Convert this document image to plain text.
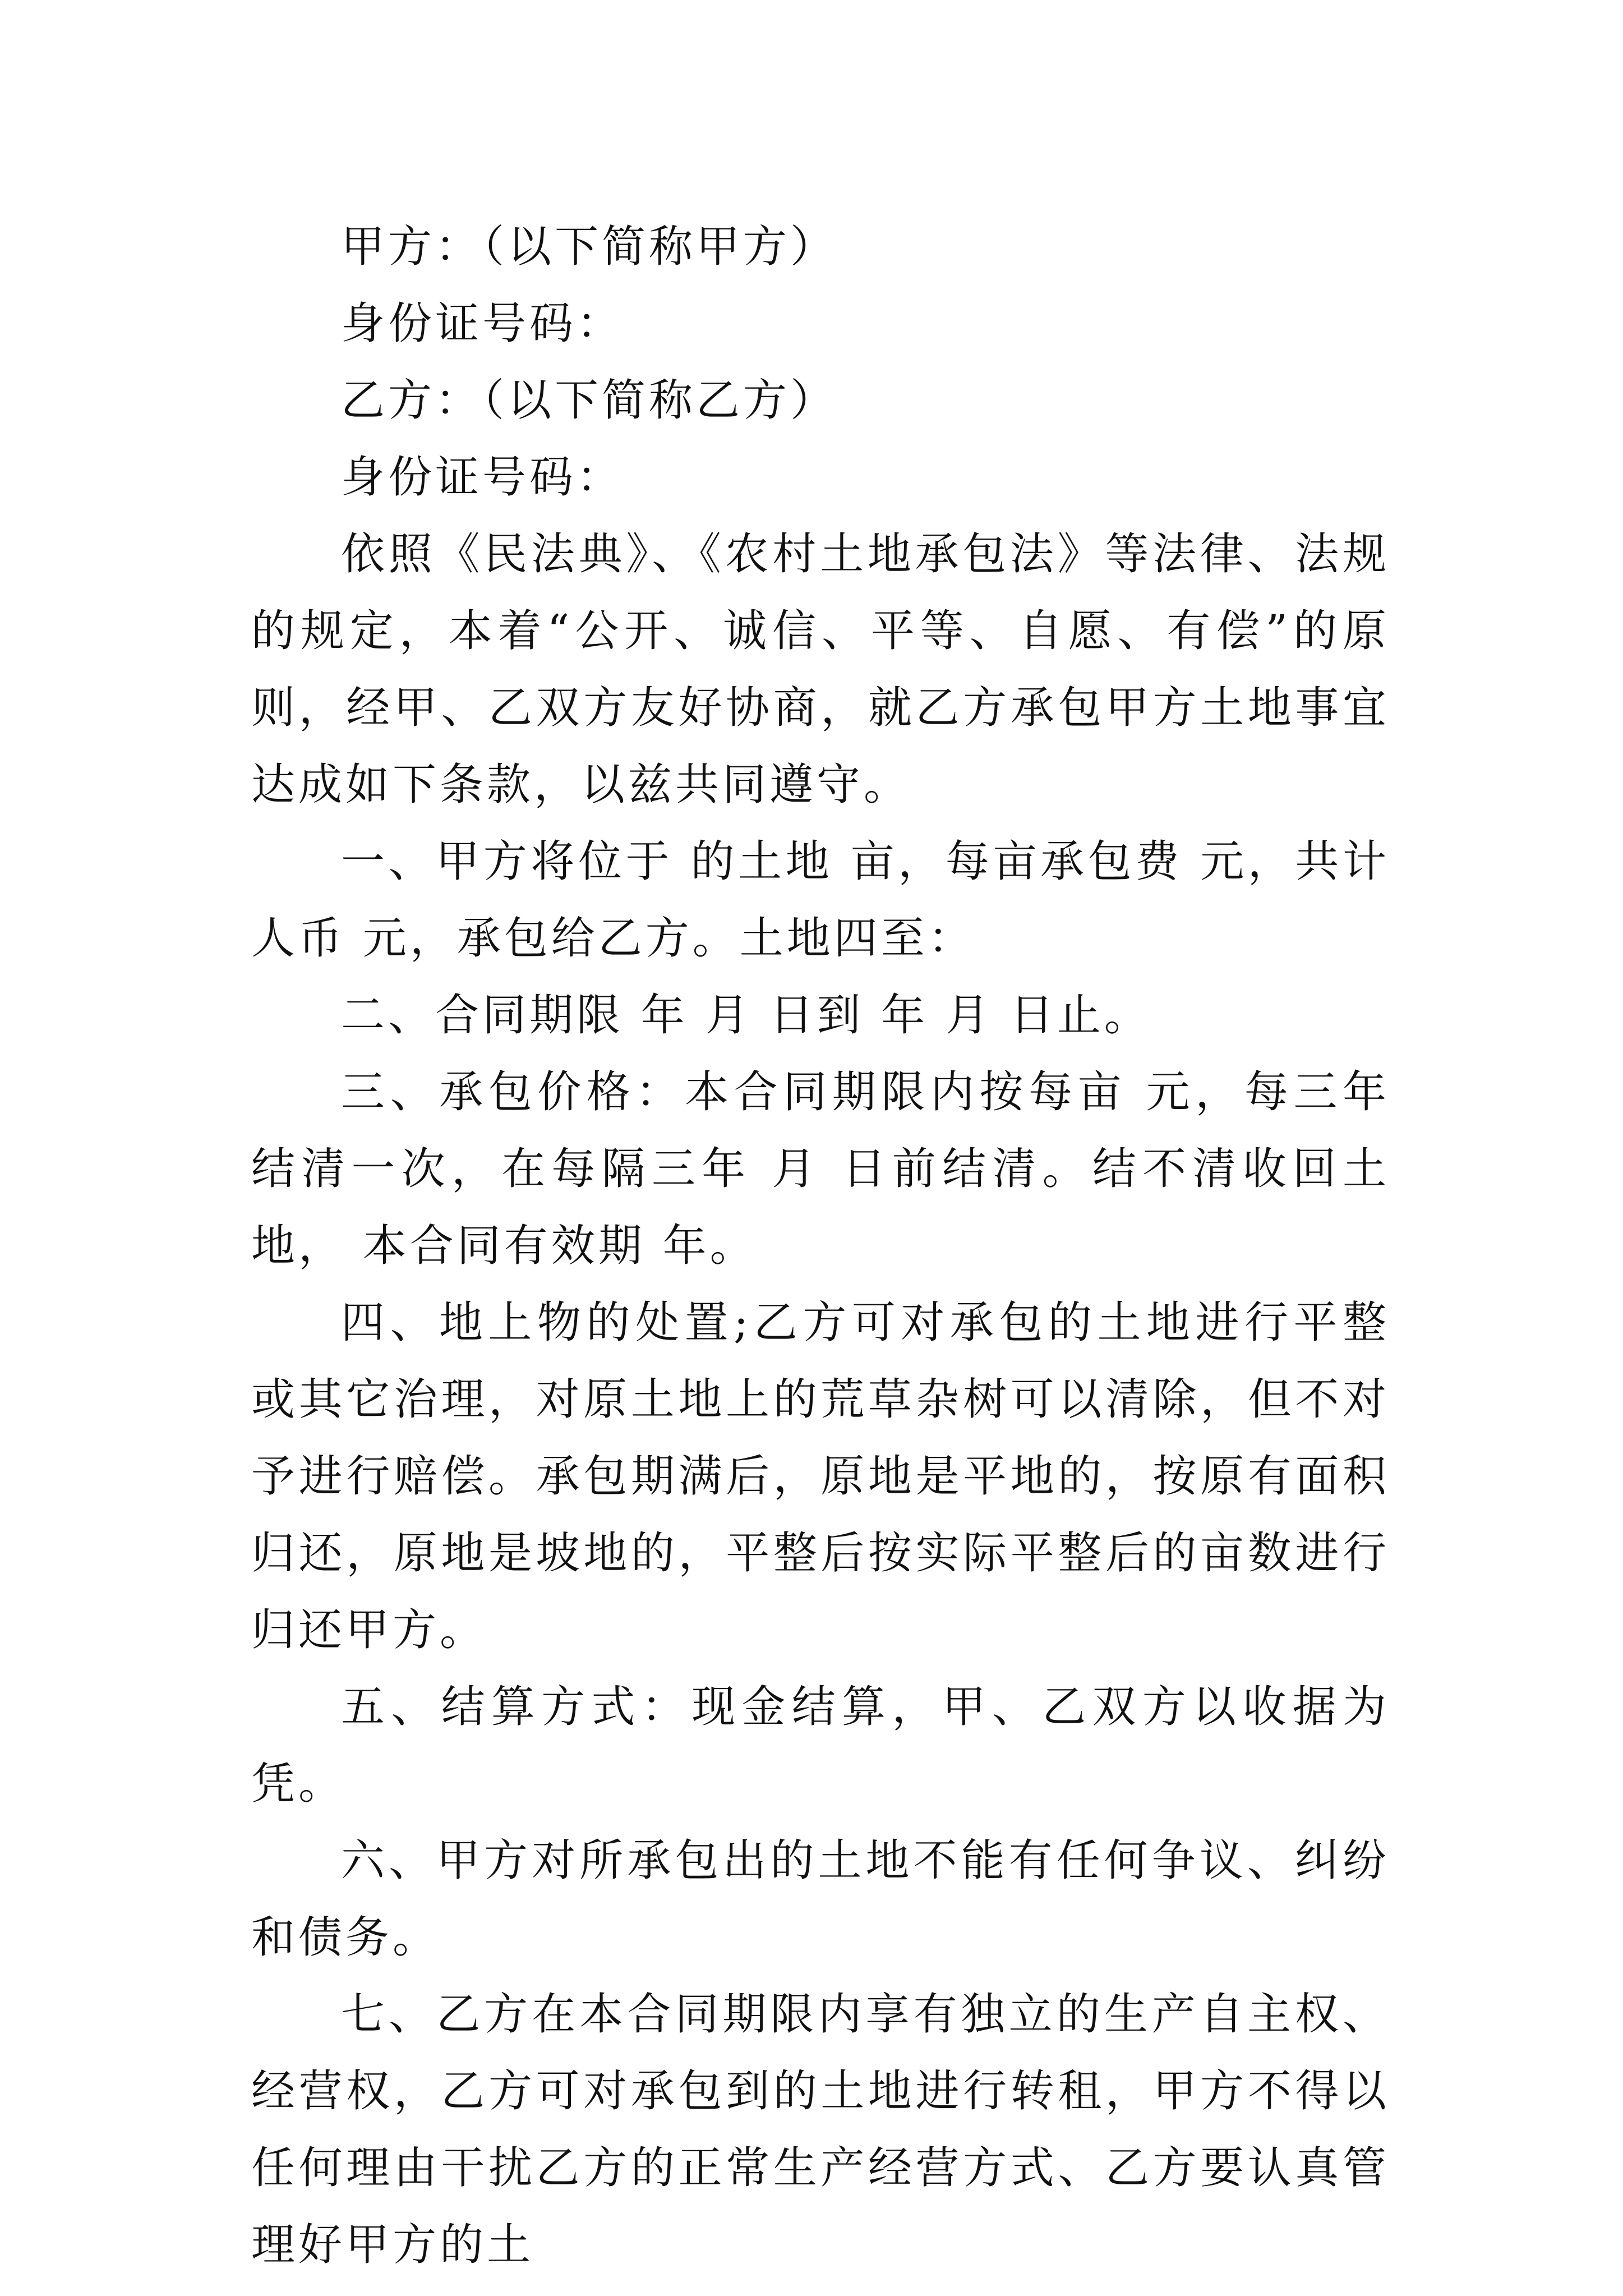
甲方：（以下简称甲方）

身份证号码：

乙方：（以下简称乙方）

身份证号码：

依照《民法典》、《农村土地承包法》等法律、法规的规定，本着“公开、诚信、平等、自愿、有偿”的原则，经甲、乙双方友好协商，就乙方承包甲方土地事宜达成如下条款，以兹共同遵守。

一、甲方将位于 的土地 亩，每亩承包费 元，共计人币 元，承包给乙方。土地四至：

二、合同期限 年 月 日到 年 月 日止。

三、承包价格：本合同期限内按每亩 元，每三年结清一次，在每隔三年 月 日前结清。结不清收回土地， 本合同有效期 年。

四、地上物的处置;乙方可对承包的土地进行平整或其它治理，对原土地上的荒草杂树可以清除，但不对予进行赔偿。承包期满后，原地是平地的，按原有面积归还，原地是坡地的，平整后按实际平整后的亩数进行归还甲方。

五、结算方式：现金结算，甲、乙双方以收据为凭。

六、甲方对所承包出的土地不能有任何争议、纠纷和债务。

七、乙方在本合同期限内享有独立的生产自主权、经营权，乙方可对承包到的土地进行转租，甲方不得以任何理由干扰乙方的正常生产经营方式、乙方要认真管理好甲方的土
